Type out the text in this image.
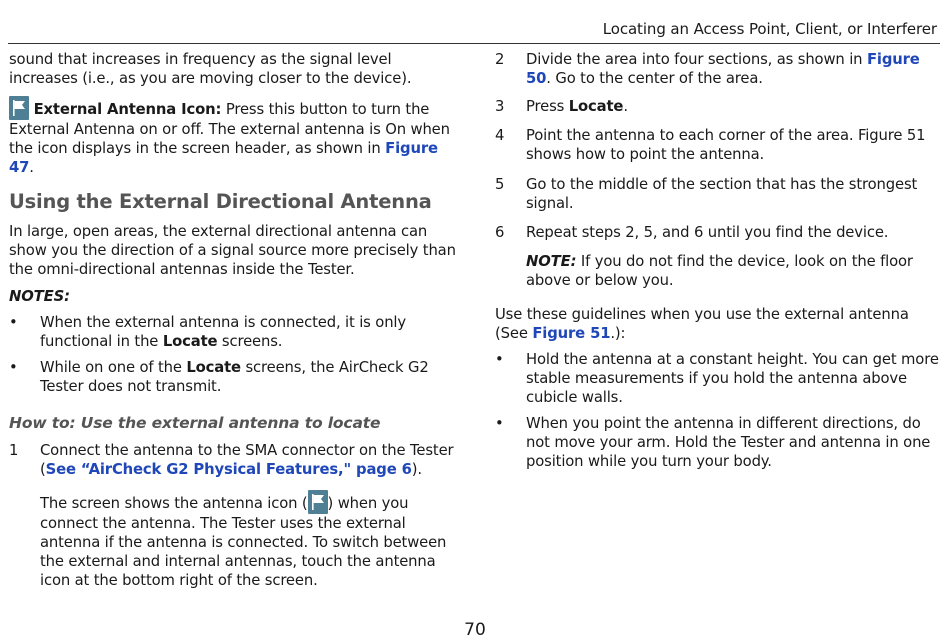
Locating an Access Point, Client, or Interferer

sound that increases in frequency as the signal level increases (i.e., as you are moving closer to the device).

External Antenna Icon: Press this button to turn the External Antenna on or off. The external antenna is On when the icon displays in the screen header, as shown in Figure 47.

Using the External Directional Antenna

In large, open areas, the external directional antenna can show you the direction of a signal source more precisely than the omni-directional antennas inside the Tester.

NOTES:

• When the external antenna is connected, it is only functional in the Locate screens.
• While on one of the Locate screens, the AirCheck G2 Tester does not transmit.

How to: Use the external antenna to locate

1 Connect the antenna to the SMA connector on the Tester (See “AirCheck G2 Physical Features," page 6).

The screen shows the antenna icon ( ) when you connect the antenna. The Tester uses the external antenna if the antenna is connected. To switch between the external and internal antennas, touch the antenna icon at the bottom right of the screen.

2 Divide the area into four sections, as shown in Figure 50. Go to the center of the area.
3 Press Locate.
4 Point the antenna to each corner of the area. Figure 51 shows how to point the antenna.
5 Go to the middle of the section that has the strongest signal.
6 Repeat steps 2, 5, and 6 until you find the device.

NOTE: If you do not find the device, look on the floor above or below you.

Use these guidelines when you use the external antenna (See Figure 51.):

• Hold the antenna at a constant height. You can get more stable measurements if you hold the antenna above cubicle walls.
• When you point the antenna in different directions, do not move your arm. Hold the Tester and antenna in one position while you turn your body.
70
